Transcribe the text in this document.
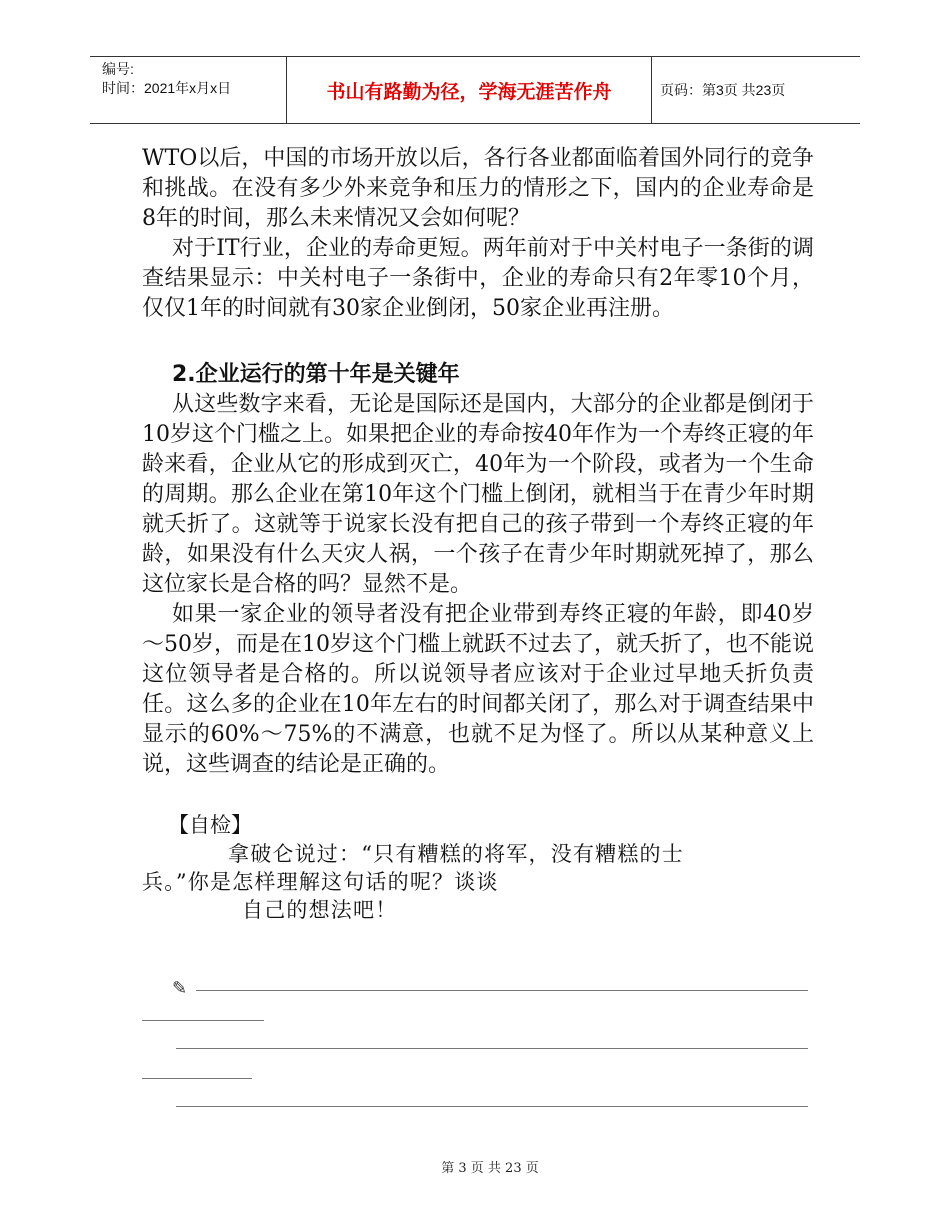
编号:
时间：2021年x月x日	书山有路勤为径，学海无涯苦作舟	页码：第3页 共23页

WTO以后，中国的市场开放以后，各行各业都面临着国外同行的竞争和挑战。在没有多少外来竞争和压力的情形之下，国内的企业寿命是8年的时间，那么未来情况又会如何呢？

对于IT行业，企业的寿命更短。两年前对于中关村电子一条街的调查结果显示：中关村电子一条街中，企业的寿命只有2年零10个月，仅仅1年的时间就有30家企业倒闭，50家企业再注册。

2.企业运行的第十年是关键年

从这些数字来看，无论是国际还是国内，大部分的企业都是倒闭于10岁这个门槛之上。如果把企业的寿命按40年作为一个寿终正寝的年龄来看，企业从它的形成到灭亡，40年为一个阶段，或者为一个生命的周期。那么企业在第10年这个门槛上倒闭，就相当于在青少年时期就夭折了。这就等于说家长没有把自己的孩子带到一个寿终正寝的年龄，如果没有什么天灾人祸，一个孩子在青少年时期就死掉了，那么这位家长是合格的吗？显然不是。

如果一家企业的领导者没有把企业带到寿终正寝的年龄，即40岁～50岁，而是在10岁这个门槛上就跃不过去了，就夭折了，也不能说这位领导者是合格的。所以说领导者应该对于企业过早地夭折负责任。这么多的企业在10年左右的时间都关闭了，那么对于调查结果中显示的60%～75%的不满意，也就不足为怪了。所以从某种意义上说，这些调查的结论是正确的。

【自检】

拿破仑说过：“只有糟糕的将军，没有糟糕的士

兵。”你是怎样理解这句话的呢？谈谈

自己的想法吧！

✎
第 3 页 共 23 页
